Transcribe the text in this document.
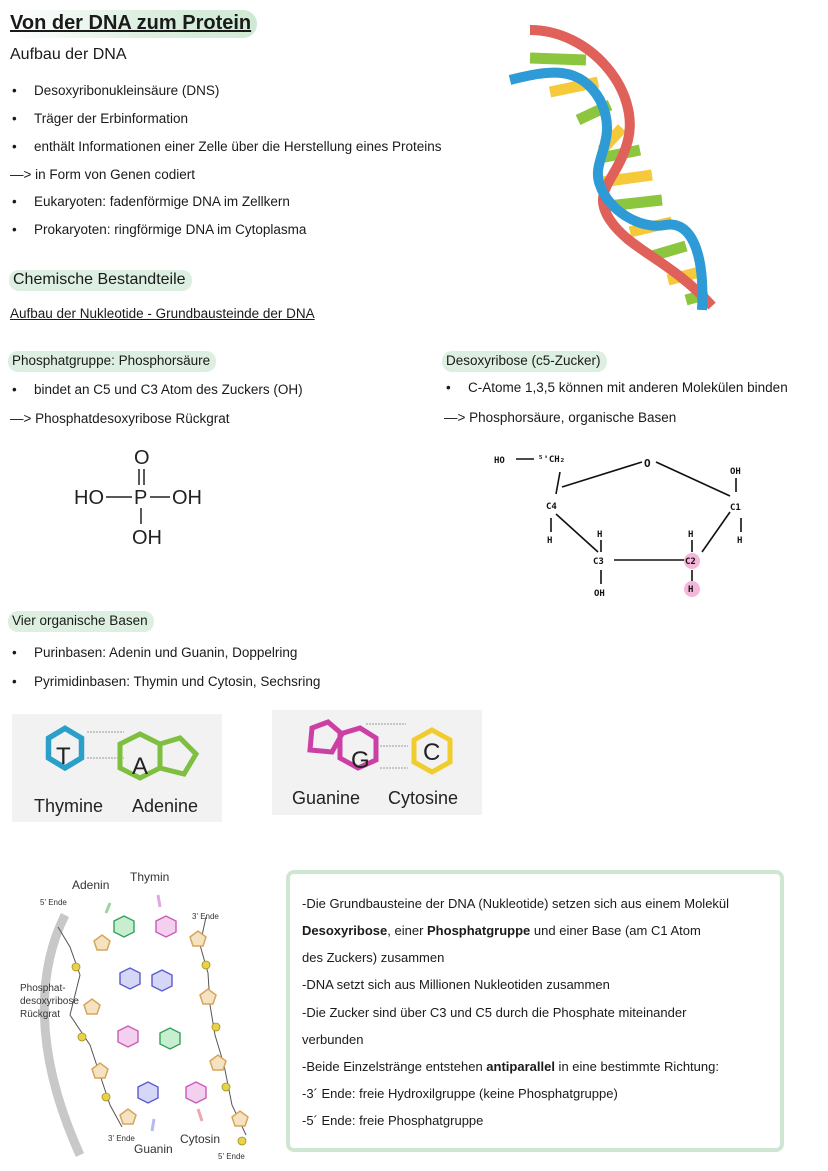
Von der DNA zum Protein
Aufbau der DNA
• Desoxyribonukleinsäure (DNS)
• Träger der Erbinformation
• enthält Informationen einer Zelle über die Herstellung eines Proteins
—> in Form von Genen codiert
• Eukaryoten: fadenförmige DNA im Zellkern
• Prokaryoten: ringförmige DNA im Cytoplasma
Chemische Bestandteile
Aufbau der Nukleotide - Grundbausteinde der DNA
Phosphatgruppe: Phosphorsäure
• bindet an C5 und C3 Atom des Zuckers (OH)
—> Phosphatdesoxyribose Rückgrat
O
HO P OH
OH
Desoxyribose (c5-Zucker)
• C-Atome 1,3,5 können mit anderen Molekülen binden
—> Phosphorsäure, organische Basen
HO	⁵'CH₂	O
OH
C4	C1
H	H
H	H
C3	C2
OH	H
Vier organische Basen
• Purinbasen: Adenin und Guanin, Doppelring
• Pyrimidinbasen: Thymin und Cytosin, Sechsring
T	A
Thymine Adenine
G C
Guanine Cytosine
Adenin
Thymin
5' Ende
3' Ende
Phosphat-
desoxyribose
Rückgrat
3' Ende
Guanin
Cytosin
5' Ende

-Die Grundbausteine der DNA (Nukleotide) setzen sich aus einem Molekül

Desoxyribose, einer Phosphatgruppe und einer Base (am C1 Atom

des Zuckers) zusammen

-DNA setzt sich aus Millionen Nukleotiden zusammen

-Die Zucker sind über C3 und C5 durch die Phosphate miteinander

verbunden

-Beide Einzelstränge entstehen antiparallel in eine bestimmte Richtung:

-3´ Ende: freie Hydroxilgruppe (keine Phosphatgruppe)

-5´ Ende: freie Phosphatgruppe
